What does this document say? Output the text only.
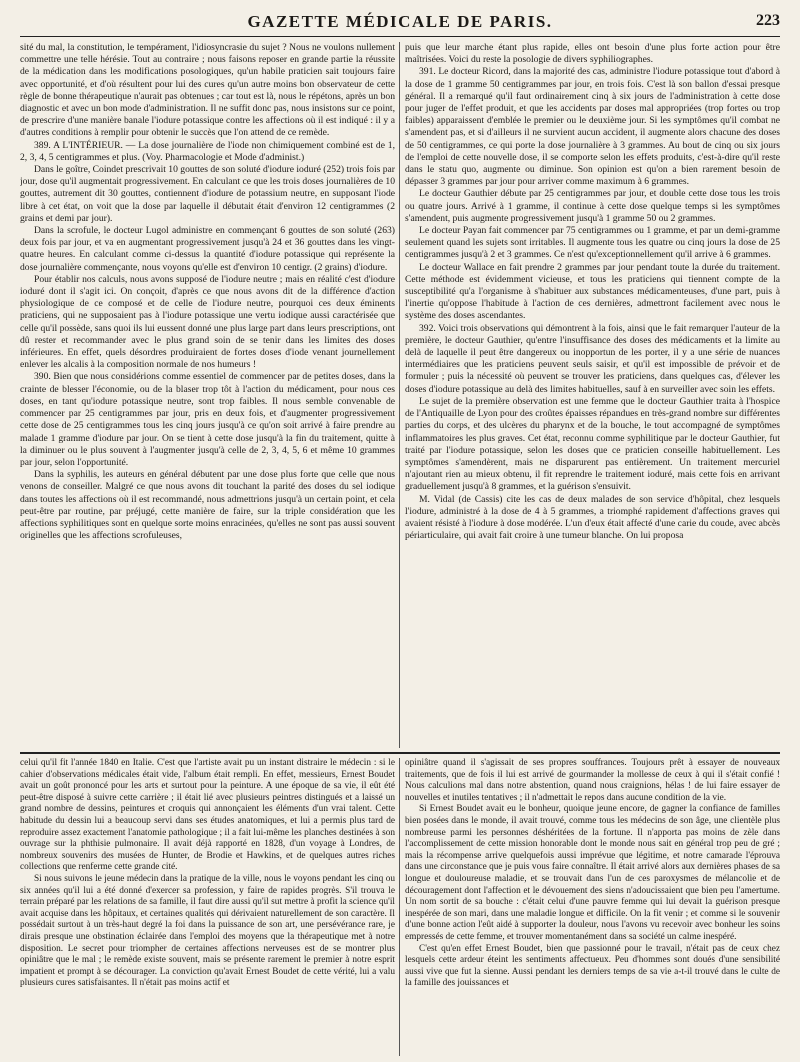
GAZETTE MÉDICALE DE PARIS.	223

sité du mal, la constitution, le tempérament, l'idiosyncrasie du sujet ? Nous ne voulons nullement commettre une telle hérésie. Tout au contraire ; nous faisons reposer en grande partie la réussite de la médication dans les modifications posologiques, qu'un habile praticien sait toujours faire avec opportunité, et d'où résultent pour lui des cures qu'un autre moins bon observateur de cette règle de bonne thérapeutique n'aurait pas obtenues ; car tout est là, nous le répétons, après un bon diagnostic et avec un bon mode d'administration. Il ne suffit donc pas, nous insistons sur ce point, de prescrire d'une manière banale l'iodure potassique contre les affections où il est indiqué : il y a d'autres conditions à remplir pour obtenir le succès que l'on attend de ce remède.

389. A L'INTÉRIEUR. — La dose journalière de l'iode non chimiquement combiné est de 1, 2, 3, 4, 5 centigrammes et plus. (Voy. Pharmacologie et Mode d'administ.)

Dans le goître, Coindet prescrivait 10 gouttes de son soluté d'iodure ioduré (252) trois fois par jour, dose qu'il augmentait progressivement. En calculant ce que les trois doses journalières de 10 gouttes, autrement dit 30 gouttes, contiennent d'iodure de potassium neutre, en supposant l'iode libre à cet état, on voit que la dose par laquelle il débutait était d'environ 12 centigrammes (2 grains et demi par jour).

Dans la scrofule, le docteur Lugol administre en commençant 6 gouttes de son soluté (263) deux fois par jour, et va en augmentant progressivement jusqu'à 24 et 36 gouttes dans les vingt-quatre heures. En calculant comme ci-dessus la quantité d'iodure potassique qui représente la dose journalière commençante, nous voyons qu'elle est d'environ 10 centigr. (2 grains) d'iodure.

Pour établir nos calculs, nous avons supposé de l'iodure neutre ; mais en réalité c'est d'iodure ioduré dont il s'agit ici. On conçoit, d'après ce que nous avons dit de la différence d'action physiologique de ce composé et de celle de l'iodure neutre, pourquoi ces deux éminents praticiens, qui ne supposaient pas à l'iodure potassique une vertu iodique aussi caractérisée que celle qu'il possède, sans quoi ils lui eussent donné une plus large part dans leurs prescriptions, ont dû rester et recommander avec le plus grand soin de se tenir dans les limites des doses inférieures. En effet, quels désordres produiraient de fortes doses d'iode venant journellement enlever les alcalis à la composition normale de nos humeurs !

390. Bien que nous considérions comme essentiel de commencer par de petites doses, dans la crainte de blesser l'économie, ou de la blaser trop tôt à l'action du médicament, pour nous ces doses, en tant qu'iodure potassique neutre, sont trop faibles. Il nous semble convenable de commencer par 25 centigrammes par jour, pris en deux fois, et d'augmenter progressivement cette dose de 25 centigrammes tous les cinq jours jusqu'à ce qu'on soit arrivé à faire prendre au malade 1 gramme d'iodure par jour. On se tient à cette dose jusqu'à la fin du traitement, quitte à la diminuer ou le plus souvent à l'augmenter jusqu'à celle de 2, 3, 4, 5, 6 et même 10 grammes par jour, selon l'opportunité.

Dans la syphilis, les auteurs en général débutent par une dose plus forte que celle que nous venons de conseiller. Malgré ce que nous avons dit touchant la parité des doses du sel iodique dans toutes les affections où il est recommandé, nous admettrions jusqu'à un certain point, et cela peut-être par routine, par préjugé, cette manière de faire, sur la triple considération que les affections syphilitiques sont en quelque sorte moins enracinées, qu'elles ne sont pas aussi souvent originelles que les affections scrofuleuses,

puis que leur marche étant plus rapide, elles ont besoin d'une plus forte action pour être maîtrisées. Voici du reste la posologie de divers syphiliographes.

391. Le docteur Ricord, dans la majorité des cas, administre l'iodure potassique tout d'abord à la dose de 1 gramme 50 centigrammes par jour, en trois fois. C'est là son ballon d'essai presque général. Il a remarqué qu'il faut ordinairement cinq à six jours de l'administration à cette dose pour juger de l'effet produit, et que les accidents par doses mal appropriées (trop fortes ou trop faibles) apparaissent d'emblée le premier ou le deuxième jour. Si les symptômes qu'il combat ne s'amendent pas, et si d'ailleurs il ne survient aucun accident, il augmente alors chacune des doses de 50 centigrammes, ce qui porte la dose journalière à 3 grammes. Au bout de cinq ou six jours de l'emploi de cette nouvelle dose, il se comporte selon les effets produits, c'est-à-dire qu'il reste dans le statu quo, augmente ou diminue. Son opinion est qu'on a bien rarement besoin de dépasser 3 grammes par jour pour arriver comme maximum à 6 grammes.

Le docteur Gauthier débute par 25 centigrammes par jour, et double cette dose tous les trois ou quatre jours. Arrivé à 1 gramme, il continue à cette dose quelque temps si les symptômes s'amendent, puis augmente progressivement jusqu'à 1 gramme 50 ou 2 grammes.

Le docteur Payan fait commencer par 75 centigrammes ou 1 gramme, et par un demi-gramme seulement quand les sujets sont irritables. Il augmente tous les quatre ou cinq jours la dose de 25 centigrammes jusqu'à 2 et 3 grammes. Ce n'est qu'exceptionnellement qu'il arrive à 6 grammes.

Le docteur Wallace en fait prendre 2 grammes par jour pendant toute la durée du traitement. Cette méthode est évidemment vicieuse, et tous les praticiens qui tiennent compte de la susceptibilité qu'a l'organisme à s'habituer aux substances médicamenteuses, d'une part, puis à l'inertie qu'oppose l'habitude à l'action de ces dernières, admettront facilement avec nous le système des doses ascendantes.

392. Voici trois observations qui démontrent à la fois, ainsi que le fait remarquer l'auteur de la première, le docteur Gauthier, qu'entre l'insuffisance des doses des médicaments et la limite au delà de laquelle il peut être dangereux ou inopportun de les porter, il y a une série de nuances intermédiaires que les praticiens peuvent seuls saisir, et qu'il est impossible de prévoir et de formuler ; puis la nécessité où peuvent se trouver les praticiens, dans quelques cas, d'élever les doses d'iodure potassique au delà des limites habituelles, sauf à en surveiller avec soin les effets.

Le sujet de la première observation est une femme que le docteur Gauthier traita à l'hospice de l'Antiquaille de Lyon pour des croûtes épaisses répandues en très-grand nombre sur différentes parties du corps, et des ulcères du pharynx et de la bouche, le tout accompagné de symptômes inflammatoires les plus graves. Cet état, reconnu comme syphilitique par le docteur Gauthier, fut traité par l'iodure potassique, selon les doses que ce praticien conseille habituellement. Les symptômes s'amendèrent, mais ne disparurent pas entièrement. Un traitement mercuriel n'ajoutant rien au mieux obtenu, il fit reprendre le traitement ioduré, mais cette fois en arrivant graduellement jusqu'à 8 grammes, et la guérison s'ensuivit.

M. Vidal (de Cassis) cite les cas de deux malades de son service d'hôpital, chez lesquels l'iodure, administré à la dose de 4 à 5 grammes, a triomphé rapidement d'affections graves qui avaient résisté à l'iodure à dose modérée. L'un d'eux était affecté d'une carie du coude, avec abcès périarticulaire, qui avait fait croire à une tumeur blanche. On lui proposa

celui qu'il fit l'année 1840 en Italie. C'est que l'artiste avait pu un instant distraire le médecin : si le cahier d'observations médicales était vide, l'album était rempli. En effet, messieurs, Ernest Boudet avait un goût prononcé pour les arts et surtout pour la peinture. A une époque de sa vie, il eût été peut-être disposé à suivre cette carrière ; il était lié avec plusieurs peintres distingués et a laissé un grand nombre de dessins, peintures et croquis qui annonçaient les éléments d'un vrai talent. Cette habitude du dessin lui a beaucoup servi dans ses études anatomiques, et lui a permis plus tard de reproduire assez exactement l'anatomie pathologique ; il a fait lui-même les planches destinées à son ouvrage sur la phthisie pulmonaire. Il avait déjà rapporté en 1828, d'un voyage à Londres, de nombreux souvenirs des musées de Hunter, de Brodie et Hawkins, et de quelques autres riches collections que renferme cette grande cité.

Si nous suivons le jeune médecin dans la pratique de la ville, nous le voyons pendant les cinq ou six années qu'il lui a été donné d'exercer sa profession, y faire de rapides progrès. S'il trouva le terrain préparé par les relations de sa famille, il faut dire aussi qu'il sut mettre à profit la science qu'il avait acquise dans les hôpitaux, et certaines qualités qui dérivaient naturellement de son caractère. Il possédait surtout à un très-haut degré la foi dans la puissance de son art, une persévérance rare, je dirais presque une obstination éclairée dans l'emploi des moyens que la thérapeutique met à notre disposition. Le secret pour triompher de certaines affections nerveuses est de se montrer plus opiniâtre que le mal ; le remède existe souvent, mais se présente rarement le premier à notre esprit impatient et prompt à se décourager. La conviction qu'avait Ernest Boudet de cette vérité, lui a valu plusieurs cures satisfaisantes. Il n'était pas moins actif et

opiniâtre quand il s'agissait de ses propres souffrances. Toujours prêt à essayer de nouveaux traitements, que de fois il lui est arrivé de gourmander la mollesse de ceux à qui il s'était confié ! Nous calculions mal dans notre abstention, quand nous craignions, hélas ! de lui faire essayer de nouvelles et inutiles tentatives ; il n'admettait le repos dans aucune condition de la vie.

Si Ernest Boudet avait eu le bonheur, quoique jeune encore, de gagner la confiance de familles bien posées dans le monde, il avait trouvé, comme tous les médecins de son âge, une clientèle plus nombreuse parmi les personnes déshéritées de la fortune. Il n'apporta pas moins de zèle dans l'accomplissement de cette mission honorable dont le monde nous sait en général trop peu de gré ; mais la récompense arrive quelquefois aussi imprévue que légitime, et notre camarade l'éprouva dans une circonstance que je puis vous faire connaître. Il était arrivé alors aux dernières phases de sa longue et douloureuse maladie, et se trouvait dans l'un de ces paroxysmes de mélancolie et de découragement dont l'affection et le dévouement des siens n'adoucissaient que bien peu l'amertume. Un nom sortit de sa bouche : c'était celui d'une pauvre femme qui lui devait la guérison presque inespérée de son mari, dans une maladie longue et difficile. On la fit venir ; et comme si le souvenir d'une bonne action l'eût aidé à supporter la douleur, nous l'avons vu recevoir avec bonheur les soins empressés de cette femme, et trouver momentanément dans sa société un calme inespéré.

C'est qu'en effet Ernest Boudet, bien que passionné pour le travail, n'était pas de ceux chez lesquels cette ardeur éteint les sentiments affectueux. Peu d'hommes sont doués d'une sensibilité aussi vive que fut la sienne. Aussi pendant les derniers temps de sa vie a-t-il trouvé dans le culte de la famille des jouissances et
